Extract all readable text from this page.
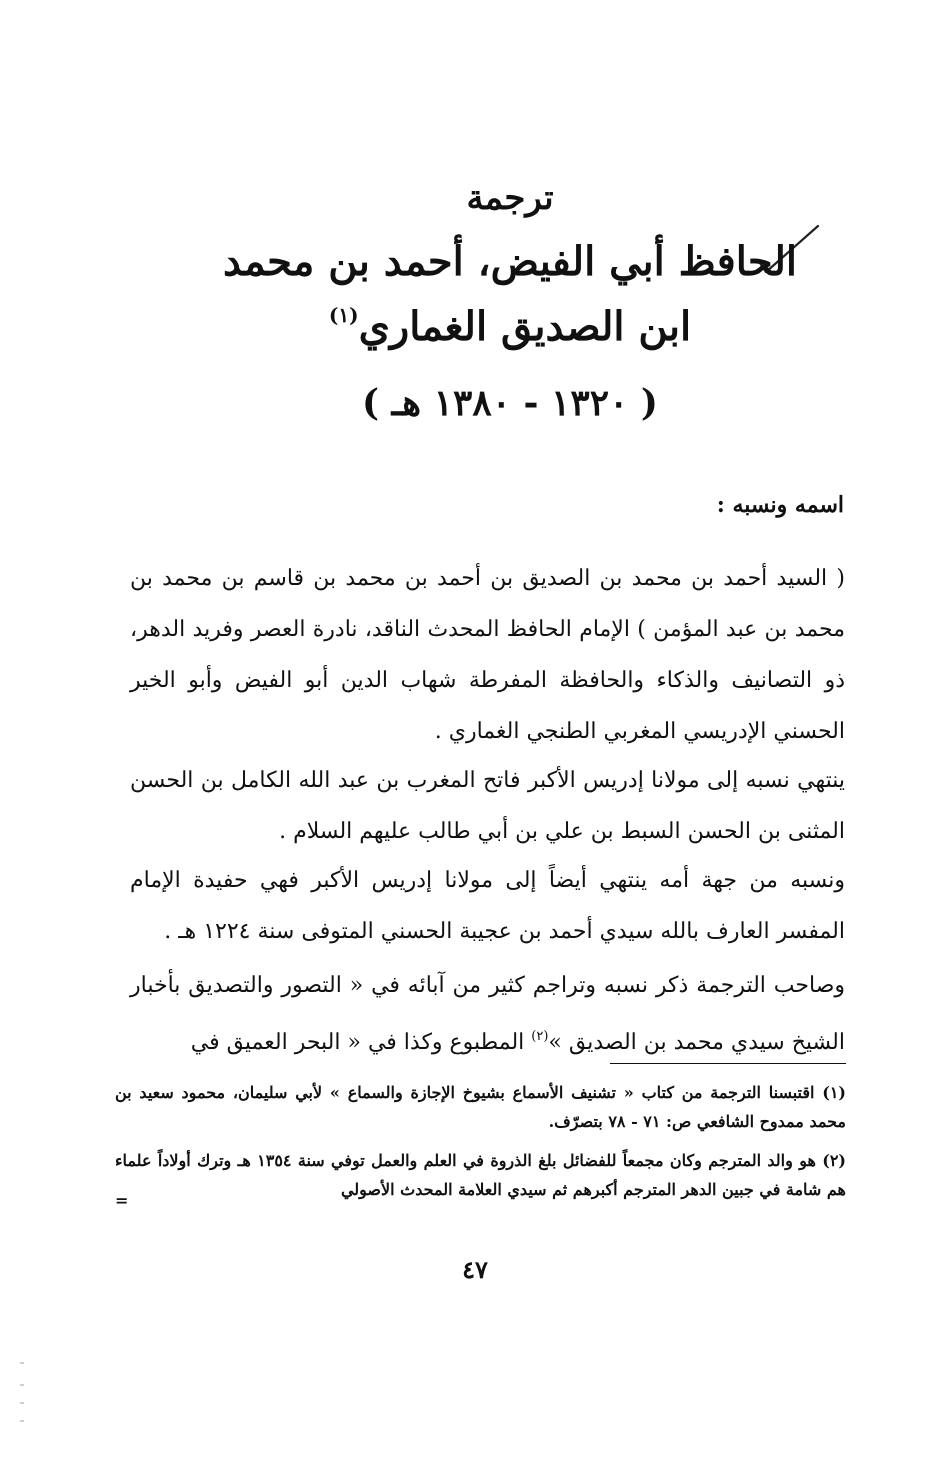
ترجمة
الحافظ أبي الفيض، أحمد بن محمد
ابن الصديق الغماري$^{(١)}$
( ١٣٢٠ - ١٣٨٠ هـ )
اسمه ونسبه :
( السيد أحمد بن محمد بن الصديق بن أحمد بن محمد بن قاسم بن محمد بن محمد بن عبد المؤمن ) الإمام الحافظ المحدث الناقد، نادرة العصر وفريد الدهر، ذو التصانيف والذكاء والحافظة المفرطة شهاب الدين أبو الفيض وأبو الخير الحسني الإدريسي المغربي الطنجي الغماري .
ينتهي نسبه إلى مولانا إدريس الأكبر فاتح المغرب بن عبد الله الكامل بن الحسن المثنى بن الحسن السبط بن علي بن أبي طالب عليهم السلام .
ونسبه من جهة أمه ينتهي أيضاً إلى مولانا إدريس الأكبر فهي حفيدة الإمام المفسر العارف بالله سيدي أحمد بن عجيبة الحسني المتوفى سنة ١٢٢٤ هـ .
وصاحب الترجمة ذكر نسبه وتراجم كثير من آبائه في « التصور والتصديق بأخبار الشيخ سيدي محمد بن الصديق »$^{(٢)}$ المطبوع وكذا في « البحر العميق في
(١) اقتبسنا الترجمة من كتاب « تشنيف الأسماع بشيوخ الإجازة والسماع » لأبي سليمان، محمود سعيد بن محمد ممدوح الشافعي ص: ٧١ - ٧٨ بتصرّف.
(٢) هو والد المترجم وكان مجمعاً للفضائل بلغ الذروة في العلم والعمل توفي سنة ١٣٥٤ هـ وترك أولاداً علماء هم شامة في جبين الدهر المترجم أكبرهم ثم سيدي العلامة المحدث الأصولي
=
٤٧
